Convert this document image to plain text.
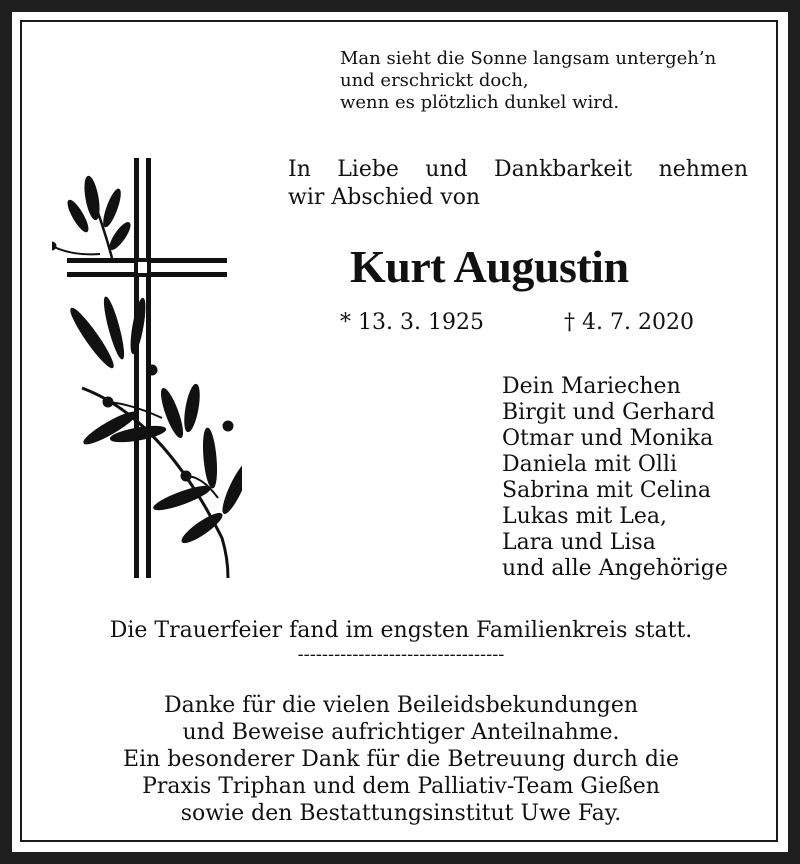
Man sieht die Sonne langsam untergeh’n
und erschrickt doch,
wenn es plötzlich dunkel wird.
In Liebe und Dankbarkeit nehmen
wir Abschied von
Kurt Augustin
* 13. 3. 1925	† 4. 7. 2020
Dein Mariechen
Birgit und Gerhard
Otmar und Monika
Daniela mit Olli
Sabrina mit Celina
Lukas mit Lea,
Lara und Lisa
und alle Angehörige
Die Trauerfeier fand im engsten Familienkreis statt.
----------------------------------
Danke für die vielen Beileidsbekundungen
und Beweise aufrichtiger Anteilnahme.
Ein besonderer Dank für die Betreuung durch die
Praxis Triphan und dem Palliativ-Team Gießen
sowie den Bestattungsinstitut Uwe Fay.
